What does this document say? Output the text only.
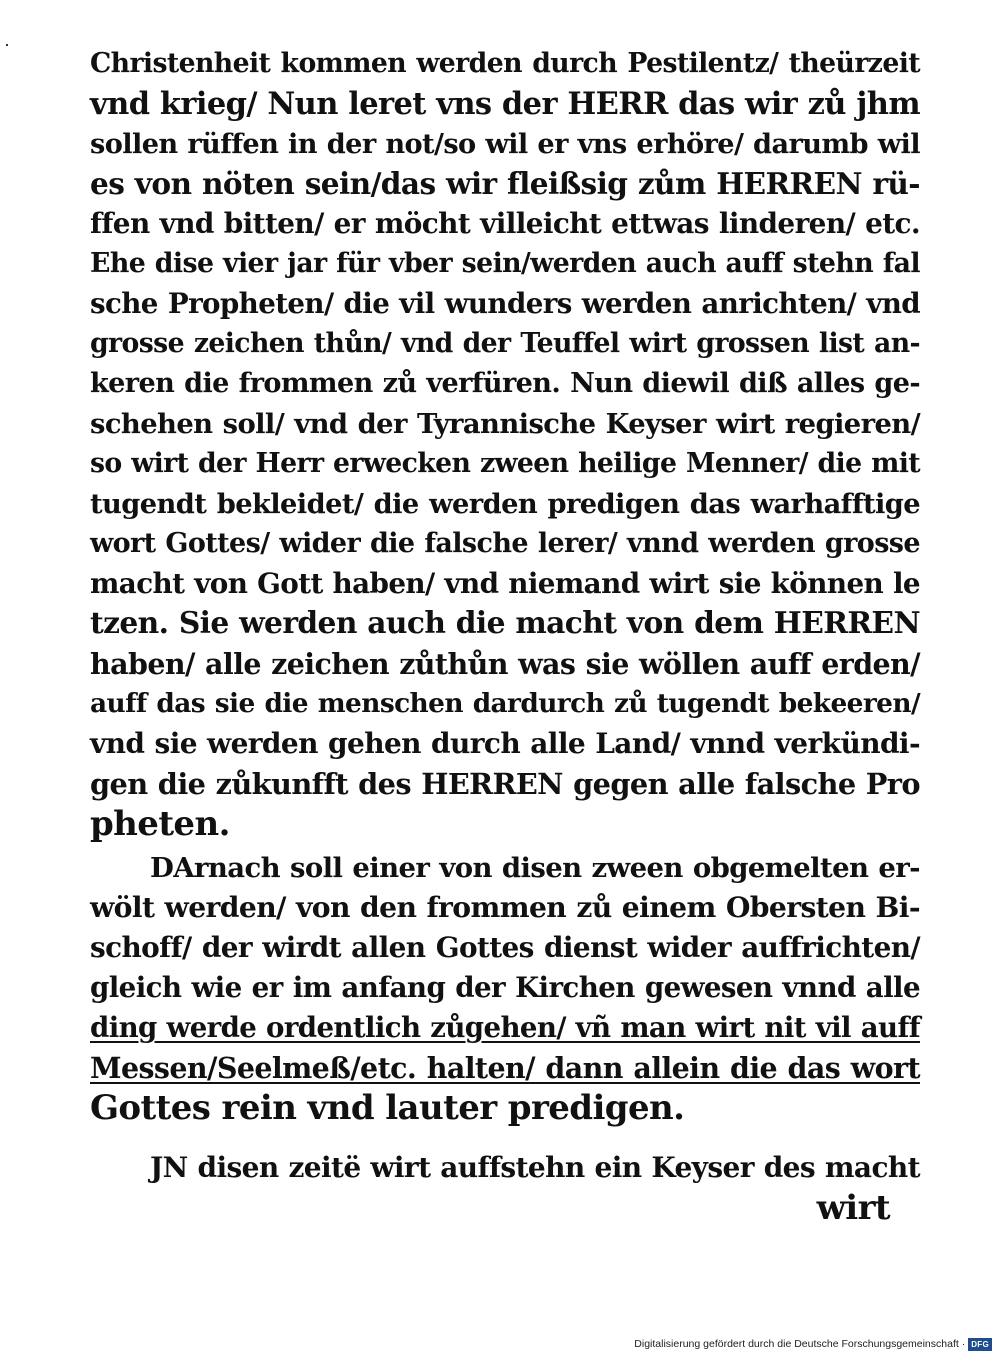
Christenheit kommen werden durch Pestilentz/ theürzeit
vnd krieg/ Nun leret vns der HERR das wir zů jhm
sollen rüffen in der not/so wil er vns erhöre/ darumb wil
es von nöten sein/das wir fleißsig zům HERREN rü-
ffen vnd bitten/ er möcht villeicht ettwas linderen/ etc.
Ehe dise vier jar für vber sein/werden auch auff stehn fal
sche Propheten/ die vil wunders werden anrichten/ vnd
grosse zeichen thůn/ vnd der Teuffel wirt grossen list an-
keren die frommen zů verfüren. Nun diewil diß alles ge-
schehen soll/ vnd der Tyrannische Keyser wirt regieren/
so wirt der Herr erwecken zween heilige Menner/ die mit
tugendt bekleidet/ die werden predigen das warhafftige
wort Gottes/ wider die falsche lerer/ vnnd werden grosse
macht von Gott haben/ vnd niemand wirt sie können le
tzen. Sie werden auch die macht von dem HERREN
haben/ alle zeichen zůthůn was sie wöllen auff erden/
auff das sie die menschen dardurch zů tugendt bekeeren/
vnd sie werden gehen durch alle Land/ vnnd verkündi-
gen die zůkunfft des HERREN gegen alle falsche Pro
pheten.
DArnach soll einer von disen zween obgemelten er-
wölt werden/ von den frommen zů einem Obersten Bi-
schoff/ der wirdt allen Gottes dienst wider auffrichten/
gleich wie er im anfang der Kirchen gewesen vnnd alle
ding werde ordentlich zůgehen/ vñ man wirt nit vil auff
Messen/Seelmeß/etc. halten/ dann allein die das wort
Gottes rein vnd lauter predigen.
JN disen zeitë wirt auffstehn ein Keyser des macht
wirt
Digitalisierung gefördert durch die Deutsche Forschungsgemeinschaft · DFG
